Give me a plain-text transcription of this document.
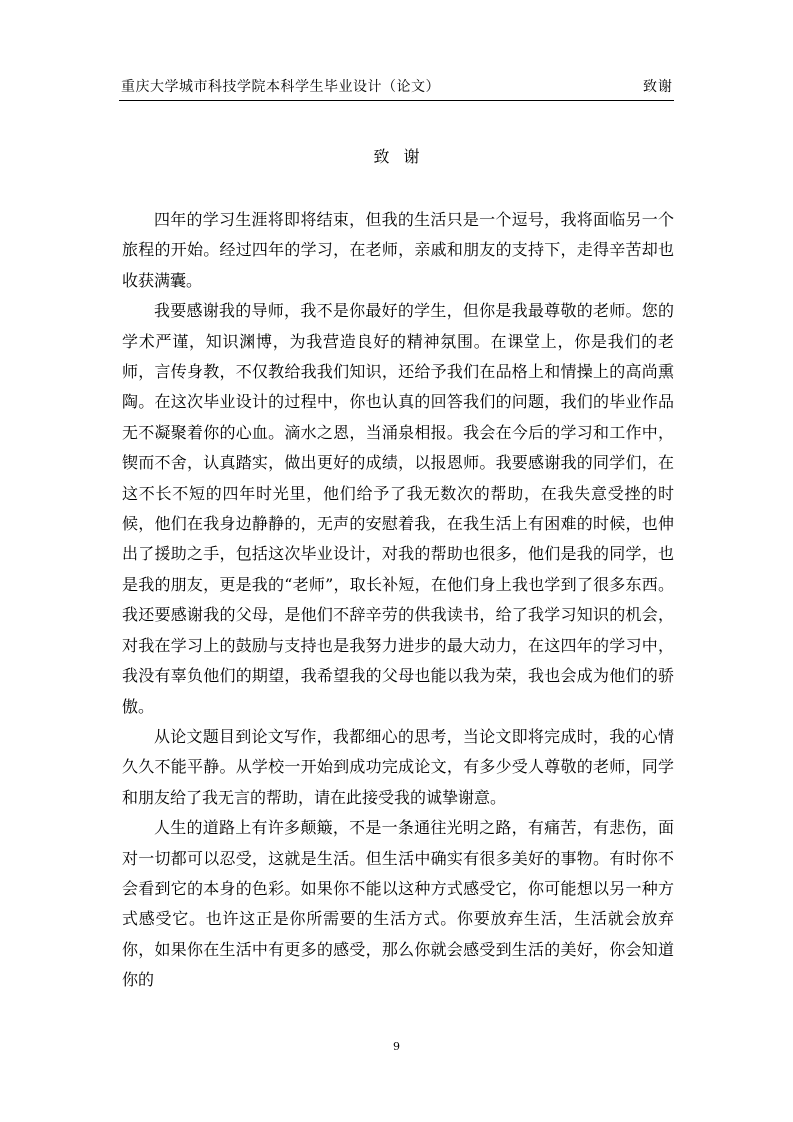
重庆大学城市科技学院本科学生毕业设计（论文）	致谢
致谢

四年的学习生涯将即将结束，但我的生活只是一个逗号，我将面临另一个旅程的开始。经过四年的学习，在老师，亲戚和朋友的支持下，走得辛苦却也收获满囊。

我要感谢我的导师，我不是你最好的学生，但你是我最尊敬的老师。您的学术严谨，知识渊博，为我营造良好的精神氛围。在课堂上，你是我们的老师，言传身教，不仅教给我我们知识，还给予我们在品格上和情操上的高尚熏陶。在这次毕业设计的过程中，你也认真的回答我们的问题，我们的毕业作品无不凝聚着你的心血。滴水之恩，当涌泉相报。我会在今后的学习和工作中，锲而不舍，认真踏实，做出更好的成绩，以报恩师。我要感谢我的同学们，在这不长不短的四年时光里，他们给予了我无数次的帮助，在我失意受挫的时候，他们在我身边静静的，无声的安慰着我，在我生活上有困难的时候，也伸出了援助之手，包括这次毕业设计，对我的帮助也很多，他们是我的同学，也是我的朋友，更是我的“老师”，取长补短，在他们身上我也学到了很多东西。我还要感谢我的父母，是他们不辞辛劳的供我读书，给了我学习知识的机会，对我在学习上的鼓励与支持也是我努力进步的最大动力，在这四年的学习中，我没有辜负他们的期望，我希望我的父母也能以我为荣，我也会成为他们的骄傲。

从论文题目到论文写作，我都细心的思考，当论文即将完成时，我的心情久久不能平静。从学校一开始到成功完成论文，有多少受人尊敬的老师，同学和朋友给了我无言的帮助，请在此接受我的诚挚谢意。

人生的道路上有许多颠簸，不是一条通往光明之路，有痛苦，有悲伤，面对一切都可以忍受，这就是生活。但生活中确实有很多美好的事物。有时你不会看到它的本身的色彩。如果你不能以这种方式感受它，你可能想以另一种方式感受它。也许这正是你所需要的生活方式。你要放弃生活，生活就会放弃你，如果你在生活中有更多的感受，那么你就会感受到生活的美好，你会知道你的

9
